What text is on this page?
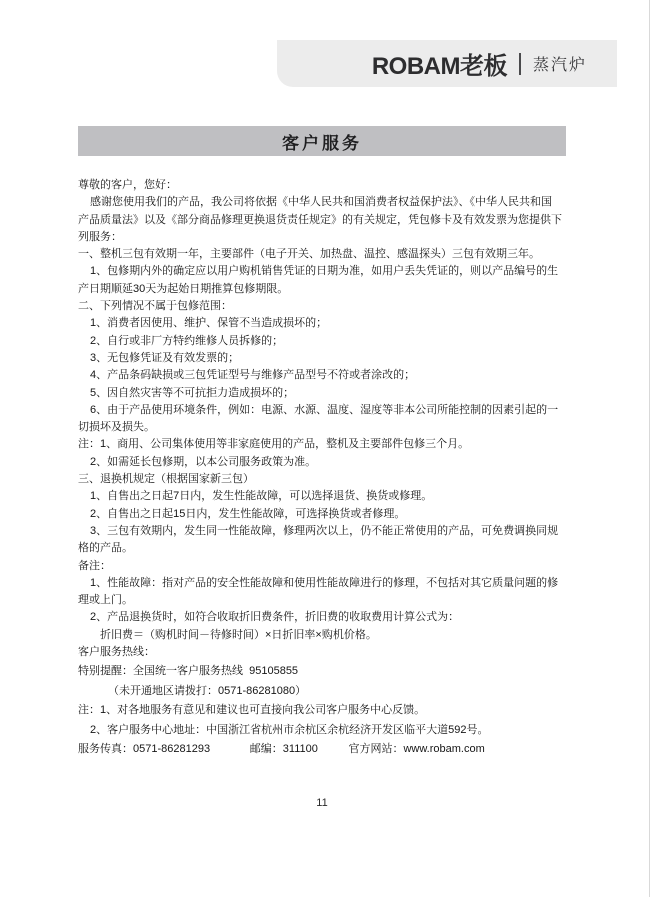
ROBAM老板 蒸汽炉
客户服务
尊敬的客户，您好：
感谢您使用我们的产品，我公司将依据《中华人民共和国消费者权益保护法》、《中华人民共和国
产品质量法》以及《部分商品修理更换退货责任规定》的有关规定，凭包修卡及有效发票为您提供下
列服务：
一、整机三包有效期一年，主要部件（电子开关、加热盘、温控、感温探头）三包有效期三年。
1、包修期内外的确定应以用户购机销售凭证的日期为准，如用户丢失凭证的，则以产品编号的生
产日期顺延30天为起始日期推算包修期限。
二、下列情况不属于包修范围：
1、消费者因使用、维护、保管不当造成损坏的；
2、自行或非厂方特约维修人员拆修的；
3、无包修凭证及有效发票的；
4、产品条码缺损或三包凭证型号与维修产品型号不符或者涂改的；
5、因自然灾害等不可抗拒力造成损坏的；
6、由于产品使用环境条件，例如：电源、水源、温度、湿度等非本公司所能控制的因素引起的一
切损坏及损失。
注：1、商用、公司集体使用等非家庭使用的产品，整机及主要部件包修三个月。
2、如需延长包修期，以本公司服务政策为准。
三、退换机规定（根据国家新三包）
1、自售出之日起7日内，发生性能故障，可以选择退货、换货或修理。
2、自售出之日起15日内，发生性能故障，可选择换货或者修理。
3、三包有效期内，发生同一性能故障，修理两次以上，仍不能正常使用的产品，可免费调换同规
格的产品。
备注：
1、性能故障：指对产品的安全性能故障和使用性能故障进行的修理，不包括对其它质量问题的修
理或上门。
2、产品退换货时，如符合收取折旧费条件，折旧费的收取费用计算公式为：
折旧费＝（购机时间－待修时间）×日折旧率×购机价格。
客户服务热线：
特别提醒：全国统一客户服务热线  95105855
（未开通地区请拨打：0571-86281080）
注：1、对各地服务有意见和建议也可直接向我公司客户服务中心反馈。
2、客户服务中心地址：中国浙江省杭州市余杭区余杭经济开发区临平大道592号。
服务传真：0571-86281293             邮编：311100          官方网站：www.robam.com
11
